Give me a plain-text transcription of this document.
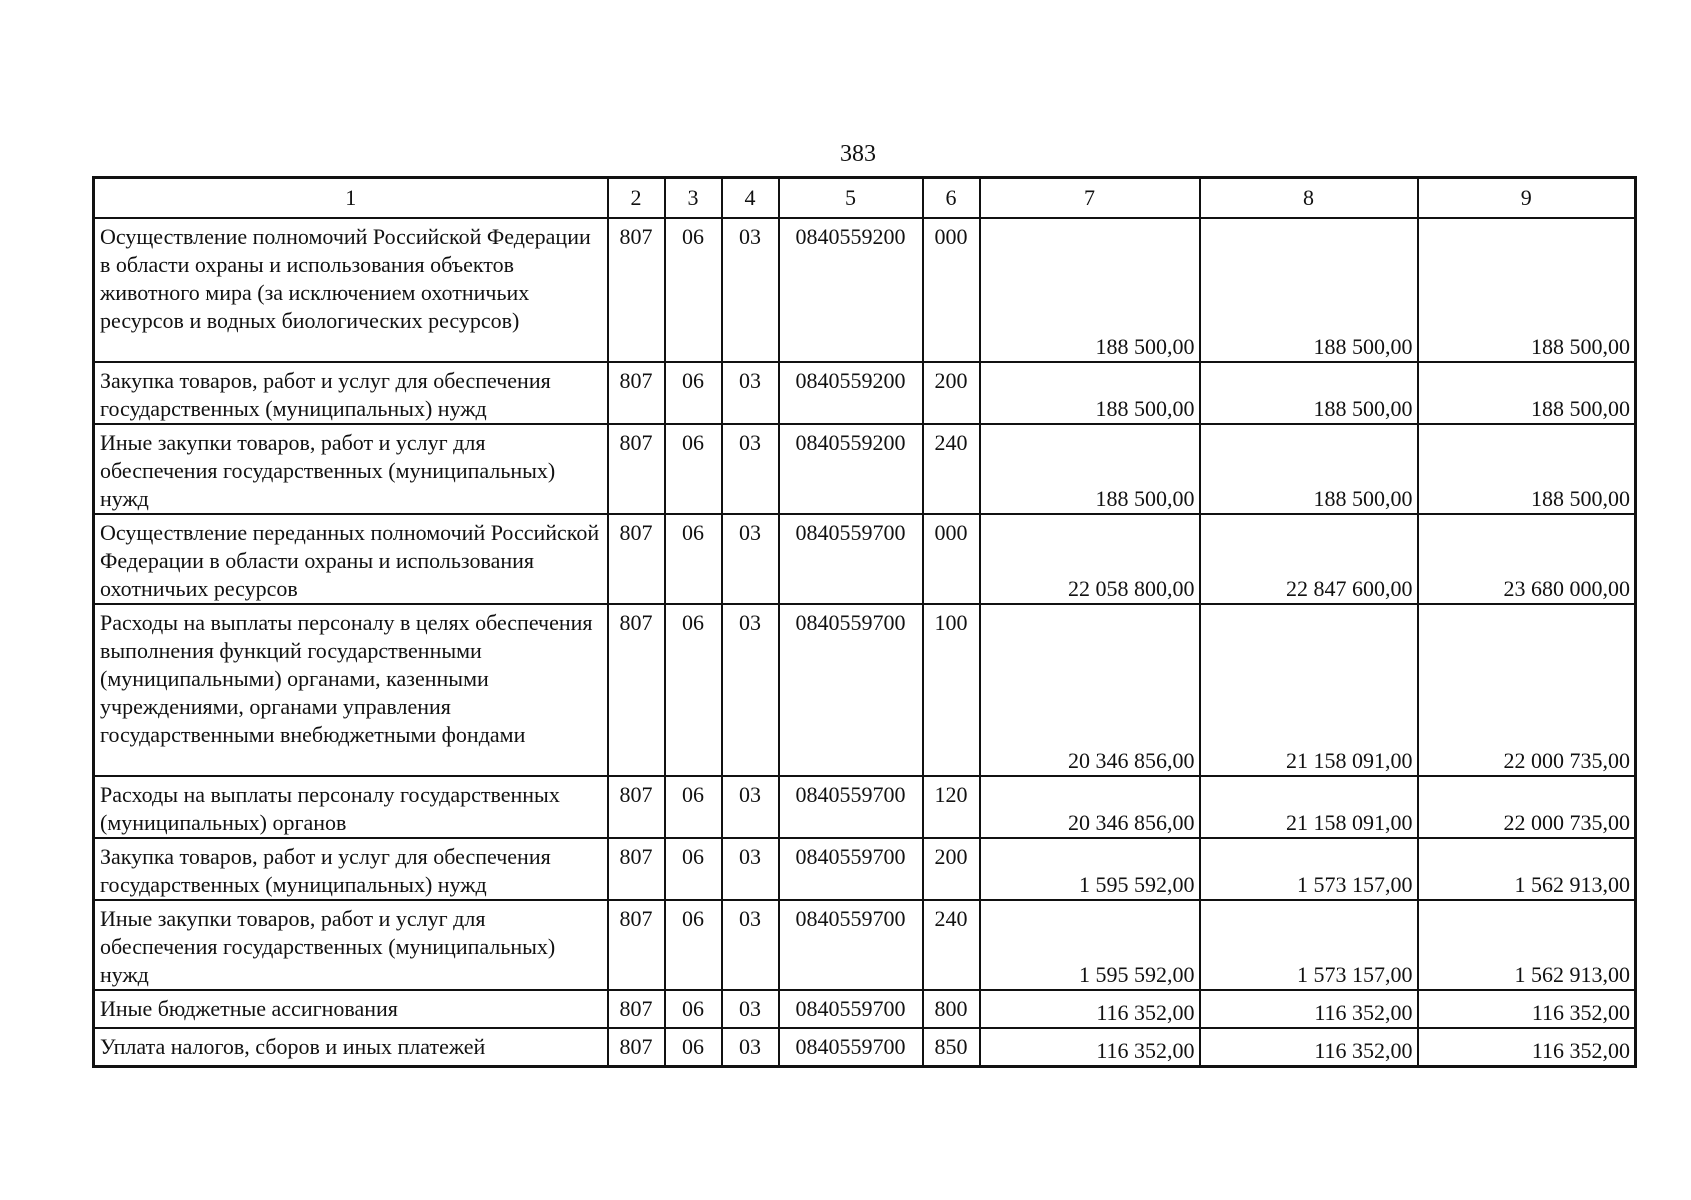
383
1	2	3	4	5	6	7	8	9
Осуществление полномочий Российской Федерации в области охраны и использования объектов животного мира (за исключением охотничьих ресурсов и водных биологических ресурсов)	807	06	03	0840559200	000	188 500,00	188 500,00	188 500,00
Закупка товаров, работ и услуг для обеспечения государственных (муниципальных) нужд	807	06	03	0840559200	200	188 500,00	188 500,00	188 500,00
Иные закупки товаров, работ и услуг для обеспечения государственных (муниципальных) нужд	807	06	03	0840559200	240	188 500,00	188 500,00	188 500,00
Осуществление переданных полномочий Российской Федерации в области охраны и использования охотничьих ресурсов	807	06	03	0840559700	000	22 058 800,00	22 847 600,00	23 680 000,00
Расходы на выплаты персоналу в целях обеспечения выполнения функций государственными (муниципальными) органами, казенными учреждениями, органами управления государственными внебюджетными фондами	807	06	03	0840559700	100	20 346 856,00	21 158 091,00	22 000 735,00
Расходы на выплаты персоналу государственных (муниципальных) органов	807	06	03	0840559700	120	20 346 856,00	21 158 091,00	22 000 735,00
Закупка товаров, работ и услуг для обеспечения государственных (муниципальных) нужд	807	06	03	0840559700	200	1 595 592,00	1 573 157,00	1 562 913,00
Иные закупки товаров, работ и услуг для обеспечения государственных (муниципальных) нужд	807	06	03	0840559700	240	1 595 592,00	1 573 157,00	1 562 913,00
Иные бюджетные ассигнования	807	06	03	0840559700	800	116 352,00	116 352,00	116 352,00
Уплата налогов, сборов и иных платежей	807	06	03	0840559700	850	116 352,00	116 352,00	116 352,00
